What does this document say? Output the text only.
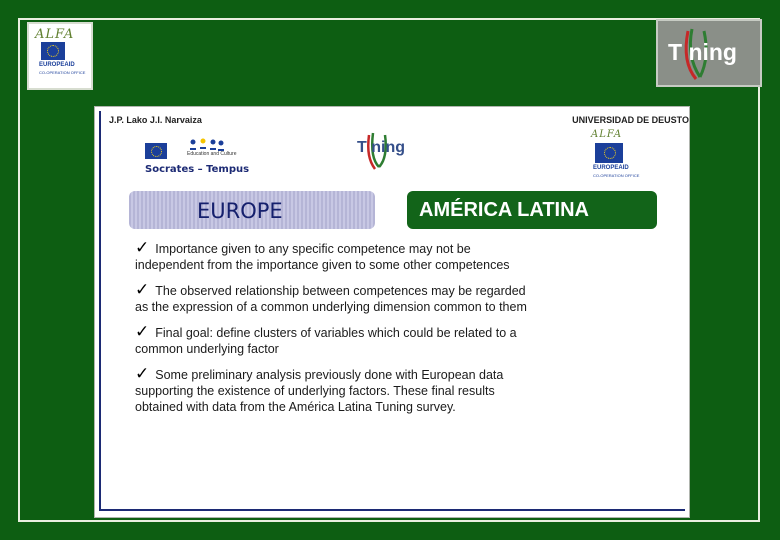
ALFA
EUROPEAID
CO-OPERATION OFFICE
T ning
J.P. Lako J.I. Narvaiza	UNIVERSIDAD DE DEUSTO
Education and Culture
Socrates – Tempus
T ning
ALFA
EUROPEAID
CO-OPERATION OFFICE
EUROPE	AMÉRICA LATINA
✓ Importance given to any specific competence may not be
independent from the importance given to some other competences
✓ The observed relationship between competences may be regarded
as the expression of a common underlying dimension common to them
✓ Final goal: define clusters of variables which could be related to a
common underlying factor
✓ Some preliminary analysis previously done with European data
supporting the existence of underlying factors. These final results
obtained with data from the América Latina Tuning survey.
